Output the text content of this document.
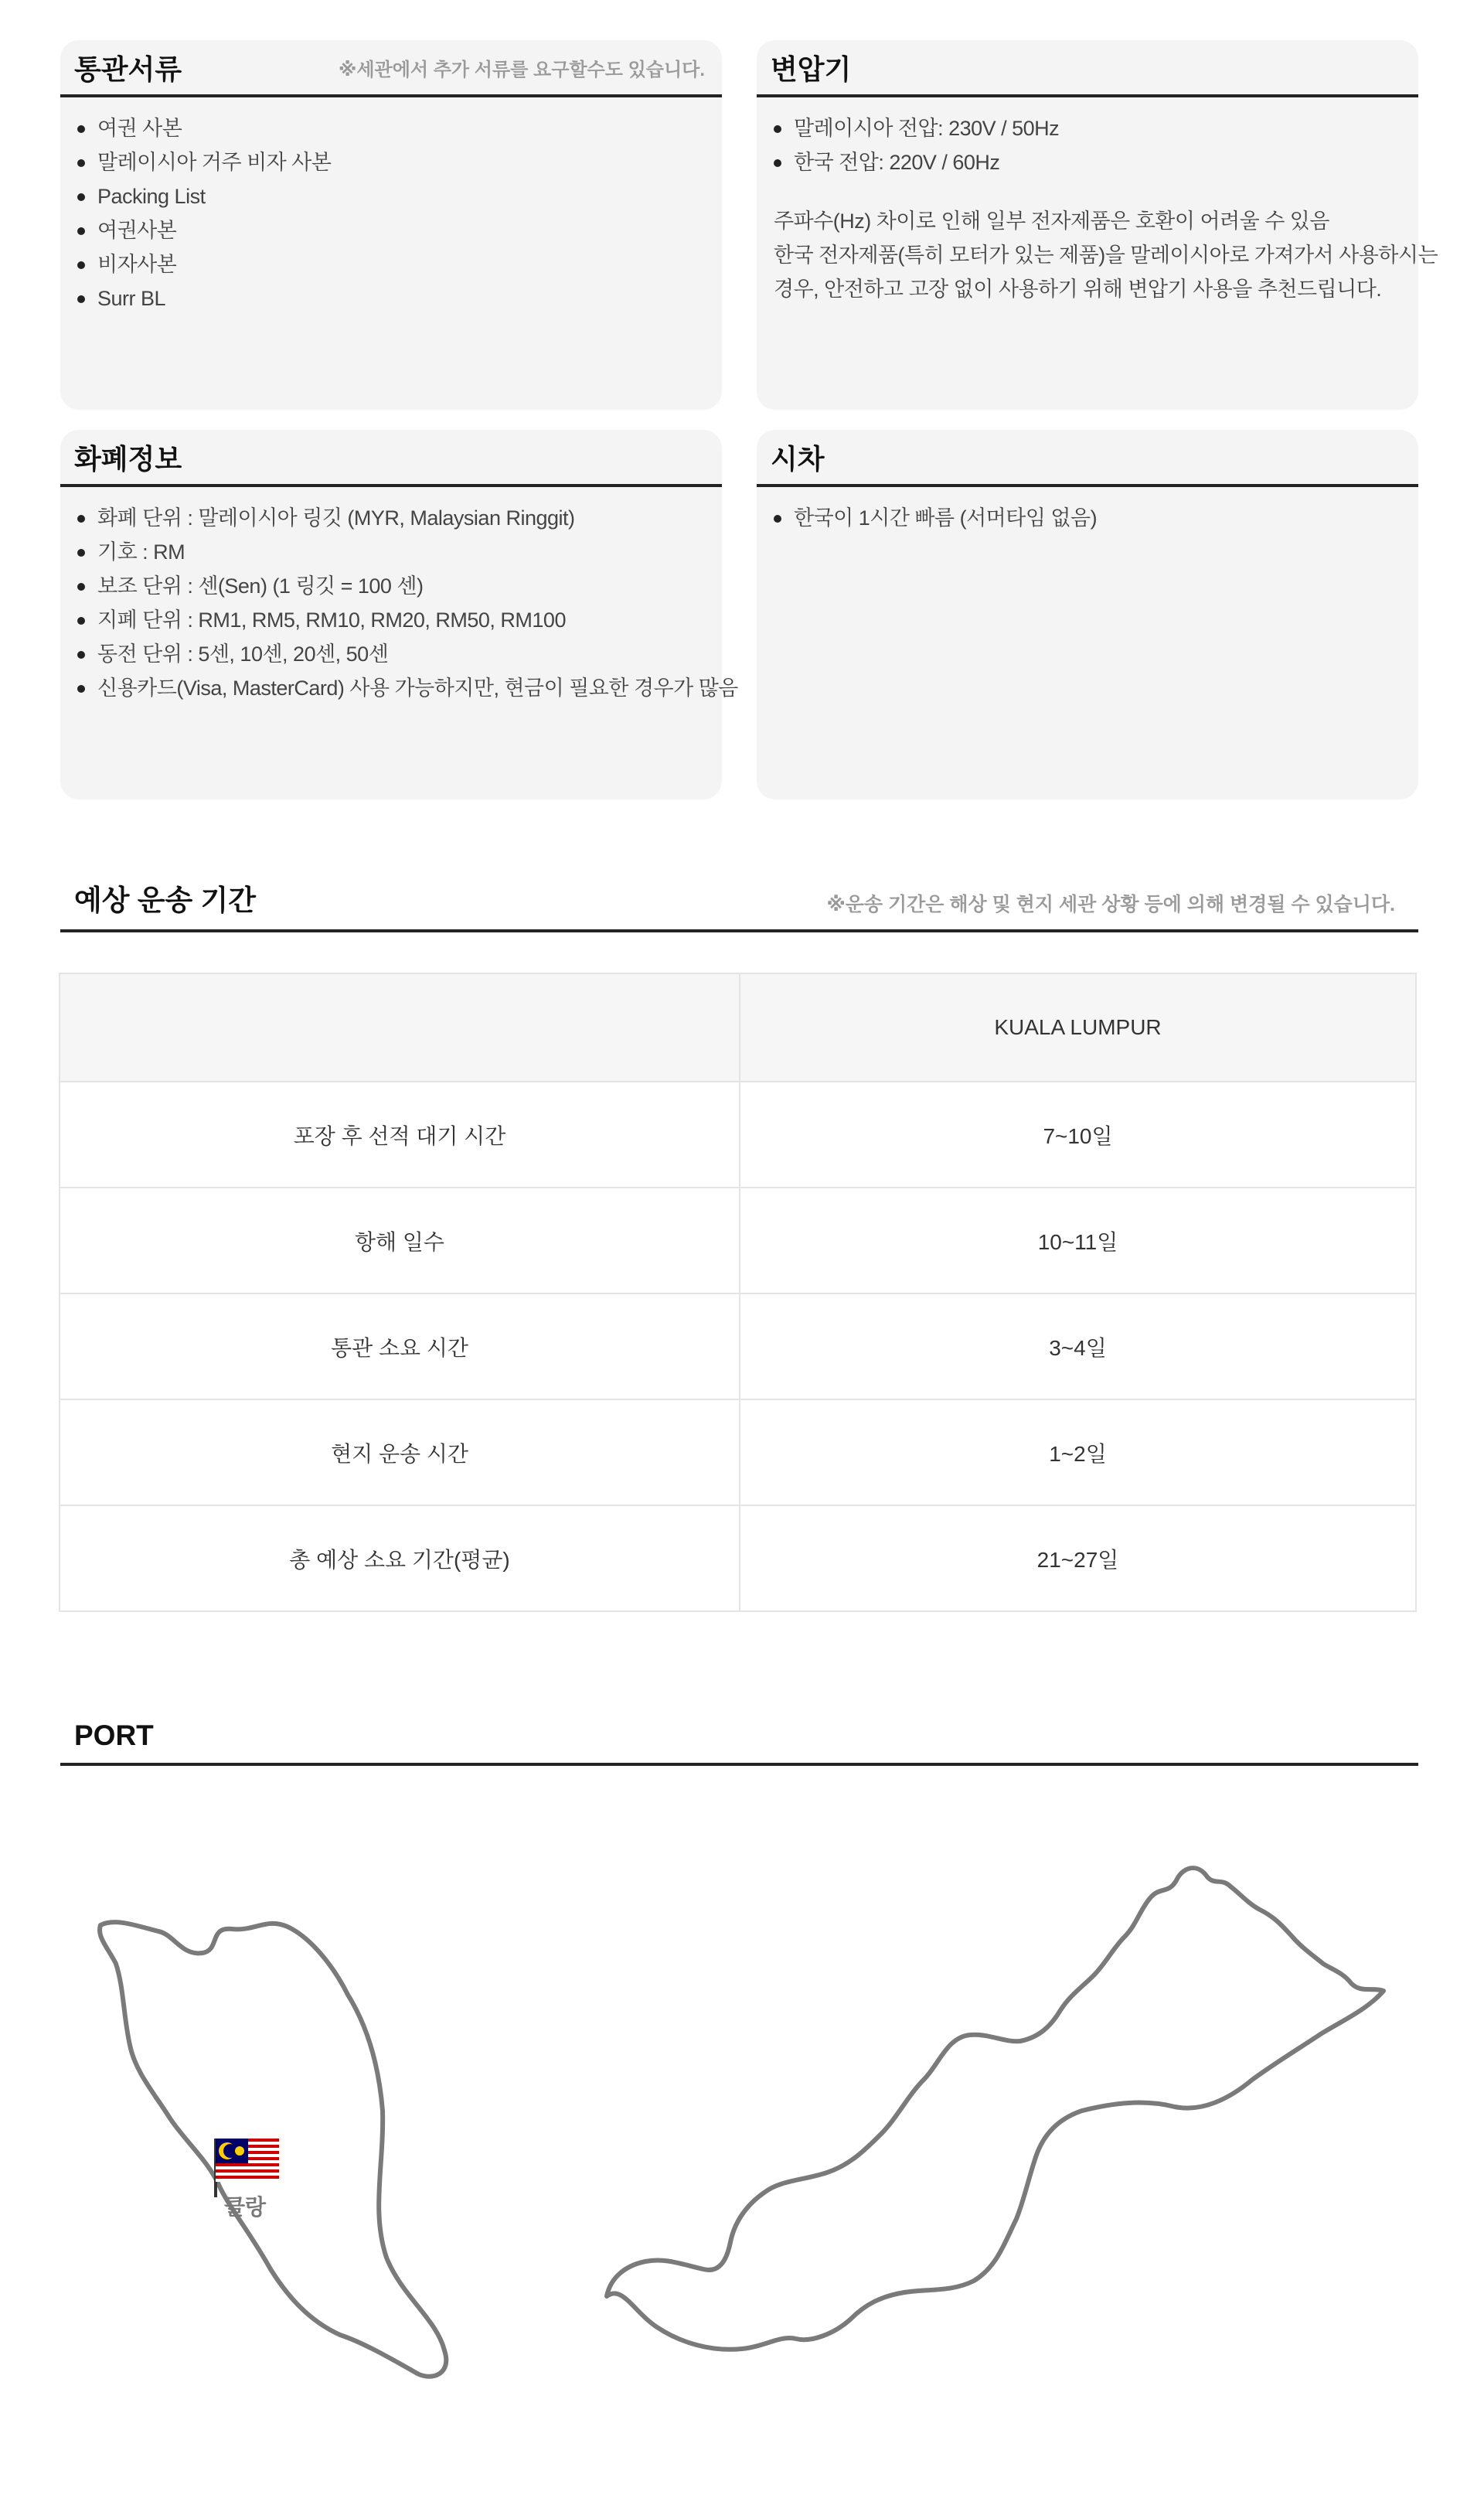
통관서류	※세관에서 추가 서류를 요구할수도 있습니다.
여권 사본
말레이시아 거주 비자 사본
Packing List
여권사본
비자사본
Surr BL
변압기
말레이시아 전압: 230V / 50Hz
한국 전압: 220V / 60Hz
주파수(Hz) 차이로 인해 일부 전자제품은 호환이 어려울 수 있음
한국 전자제품(특히 모터가 있는 제품)을 말레이시아로 가져가서 사용하시는
경우, 안전하고 고장 없이 사용하기 위해 변압기 사용을 추천드립니다.
화폐정보
화폐 단위 : 말레이시아 링깃 (MYR, Malaysian Ringgit)
기호 : RM
보조 단위 : 센(Sen) (1 링깃 = 100 센)
지폐 단위 : RM1, RM5, RM10, RM20, RM50, RM100
동전 단위 : 5센, 10센, 20센, 50센
신용카드(Visa, MasterCard) 사용 가능하지만, 현금이 필요한 경우가 많음
시차
한국이 1시간 빠름 (서머타임 없음)
예상 운송 기간	※운송 기간은 해상 및 현지 세관 상황 등에 의해 변경될 수 있습니다.
	KUALA LUMPUR
포장 후 선적 대기 시간	7~10일
항해 일수	10~11일
통관 소요 시간	3~4일
현지 운송 시간	1~2일
총 예상 소요 기간(평균)	21~27일
PORT
클랑
